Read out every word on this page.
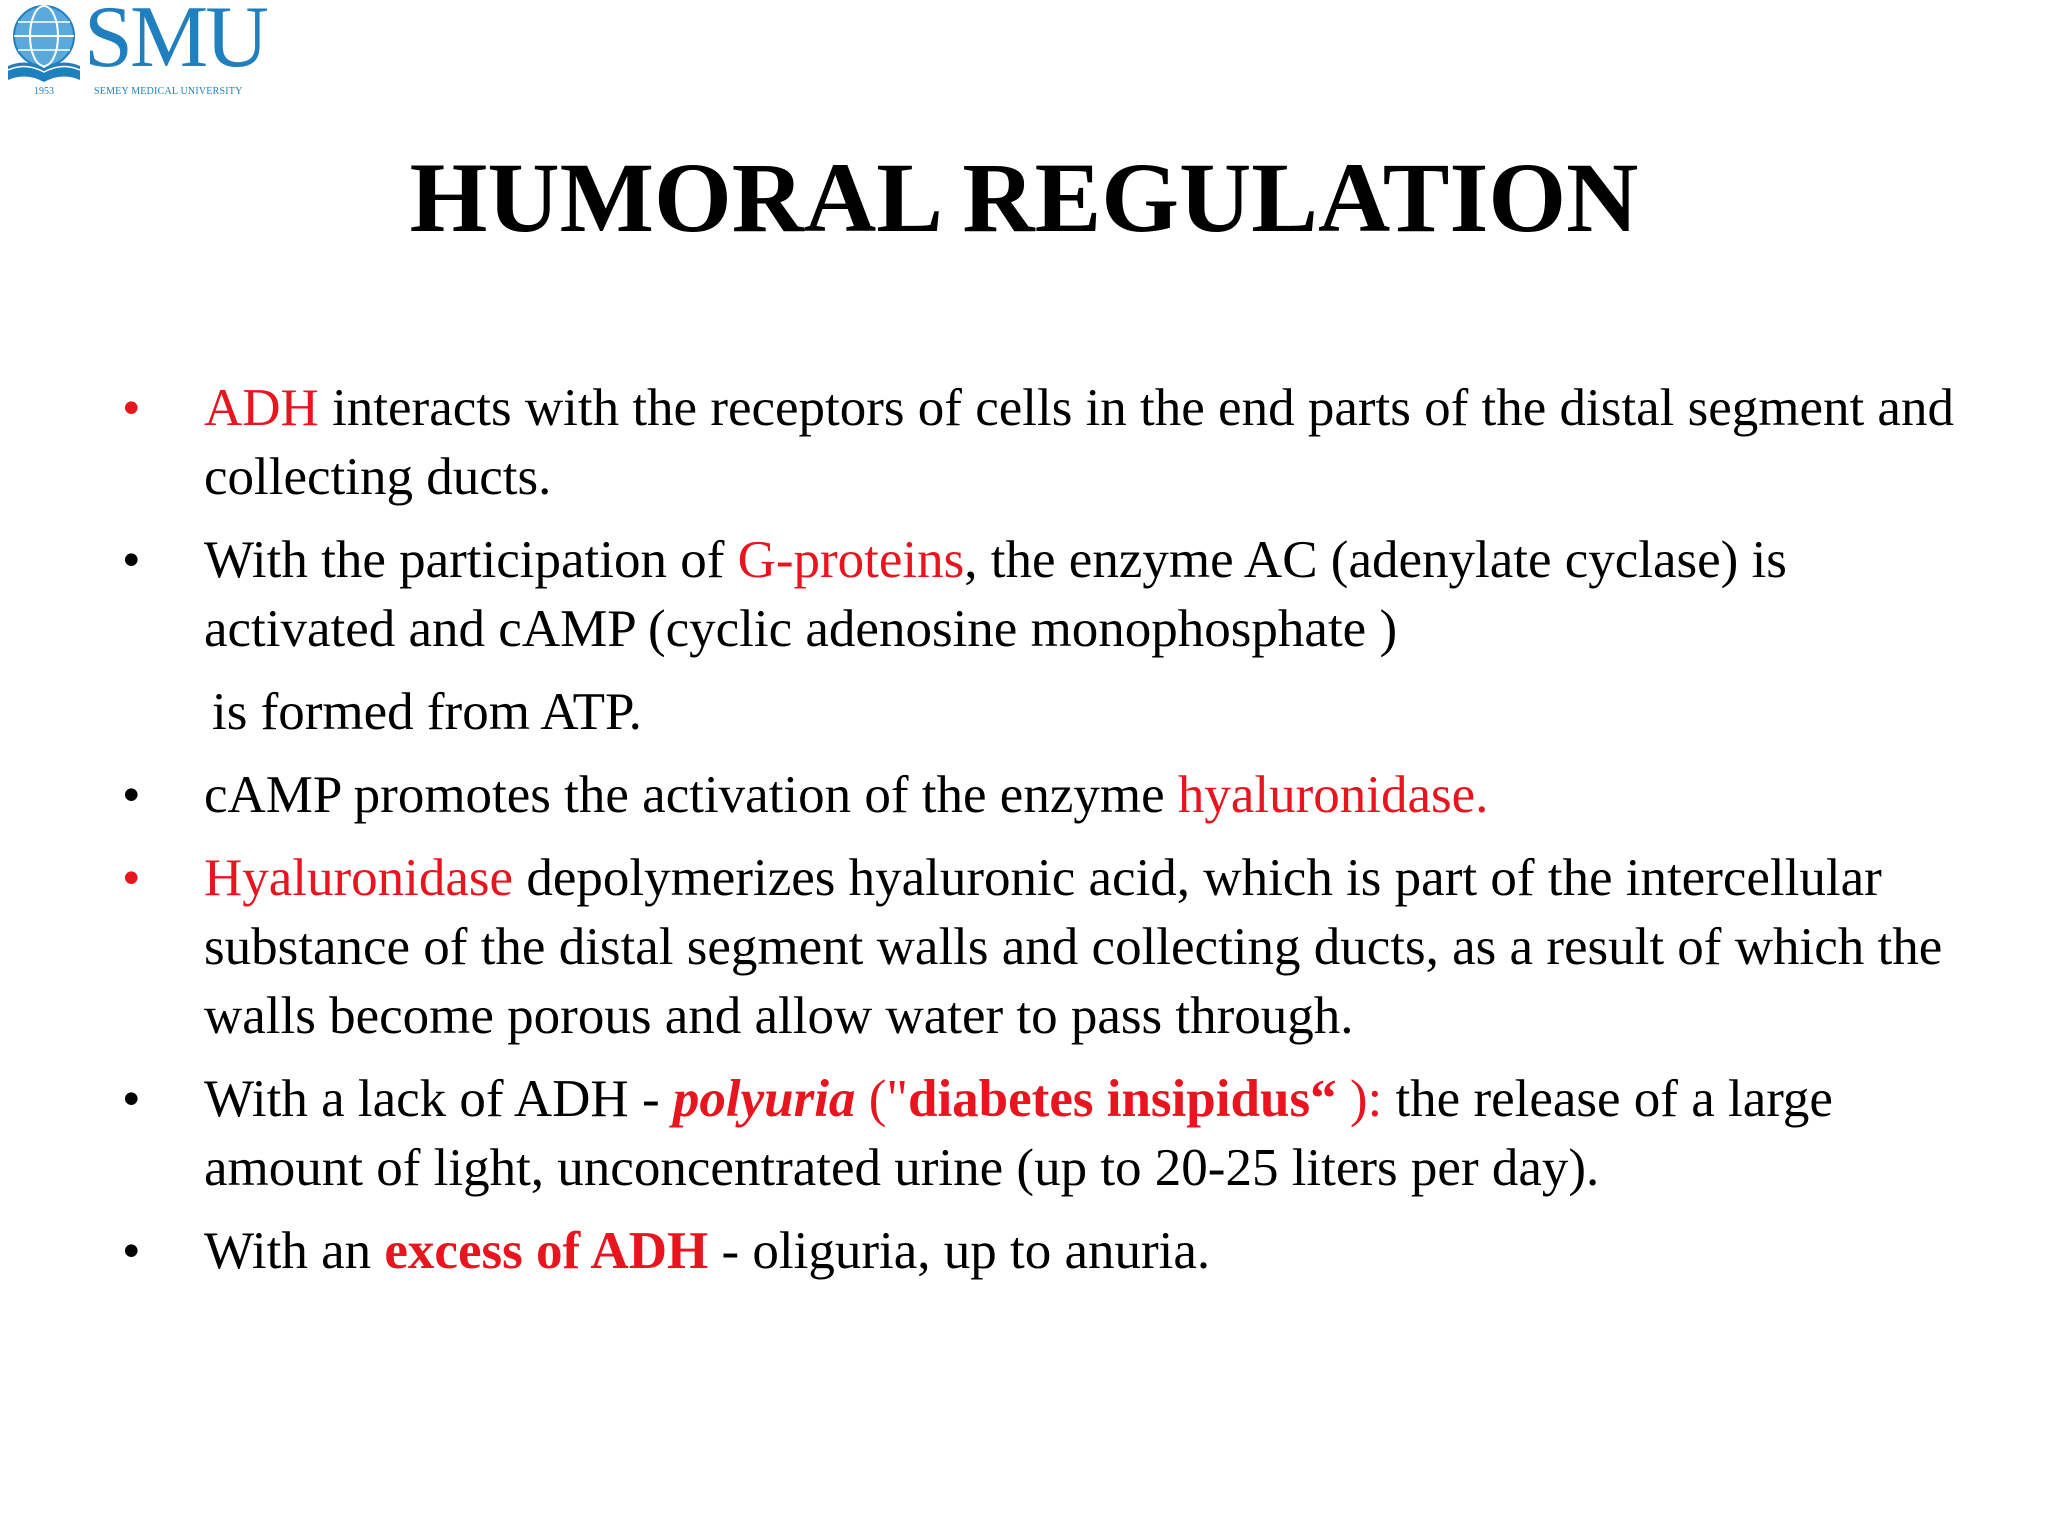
SMU
1953	SEMEY MEDICAL UNIVERSITY
HUMORAL REGULATION
•	ADH interacts with the receptors of cells in the end parts of the distal segment and collecting ducts.
•	With the participation of G-proteins, the enzyme AC (adenylate cyclase) is activated and cAMP (cyclic adenosine monophosphate )
is formed from ATP.
•	cAMP promotes the activation of the enzyme hyaluronidase.
•	Hyaluronidase depolymerizes hyaluronic acid, which is part of the intercellular substance of the distal segment walls and collecting ducts, as a result of which the walls become porous and allow water to pass through.
•	With a lack of ADH - polyuria ("diabetes insipidus“ ): the release of a large amount of light, unconcentrated urine (up to 20-25 liters per day).
•	With an excess of ADH - oliguria, up to anuria.
